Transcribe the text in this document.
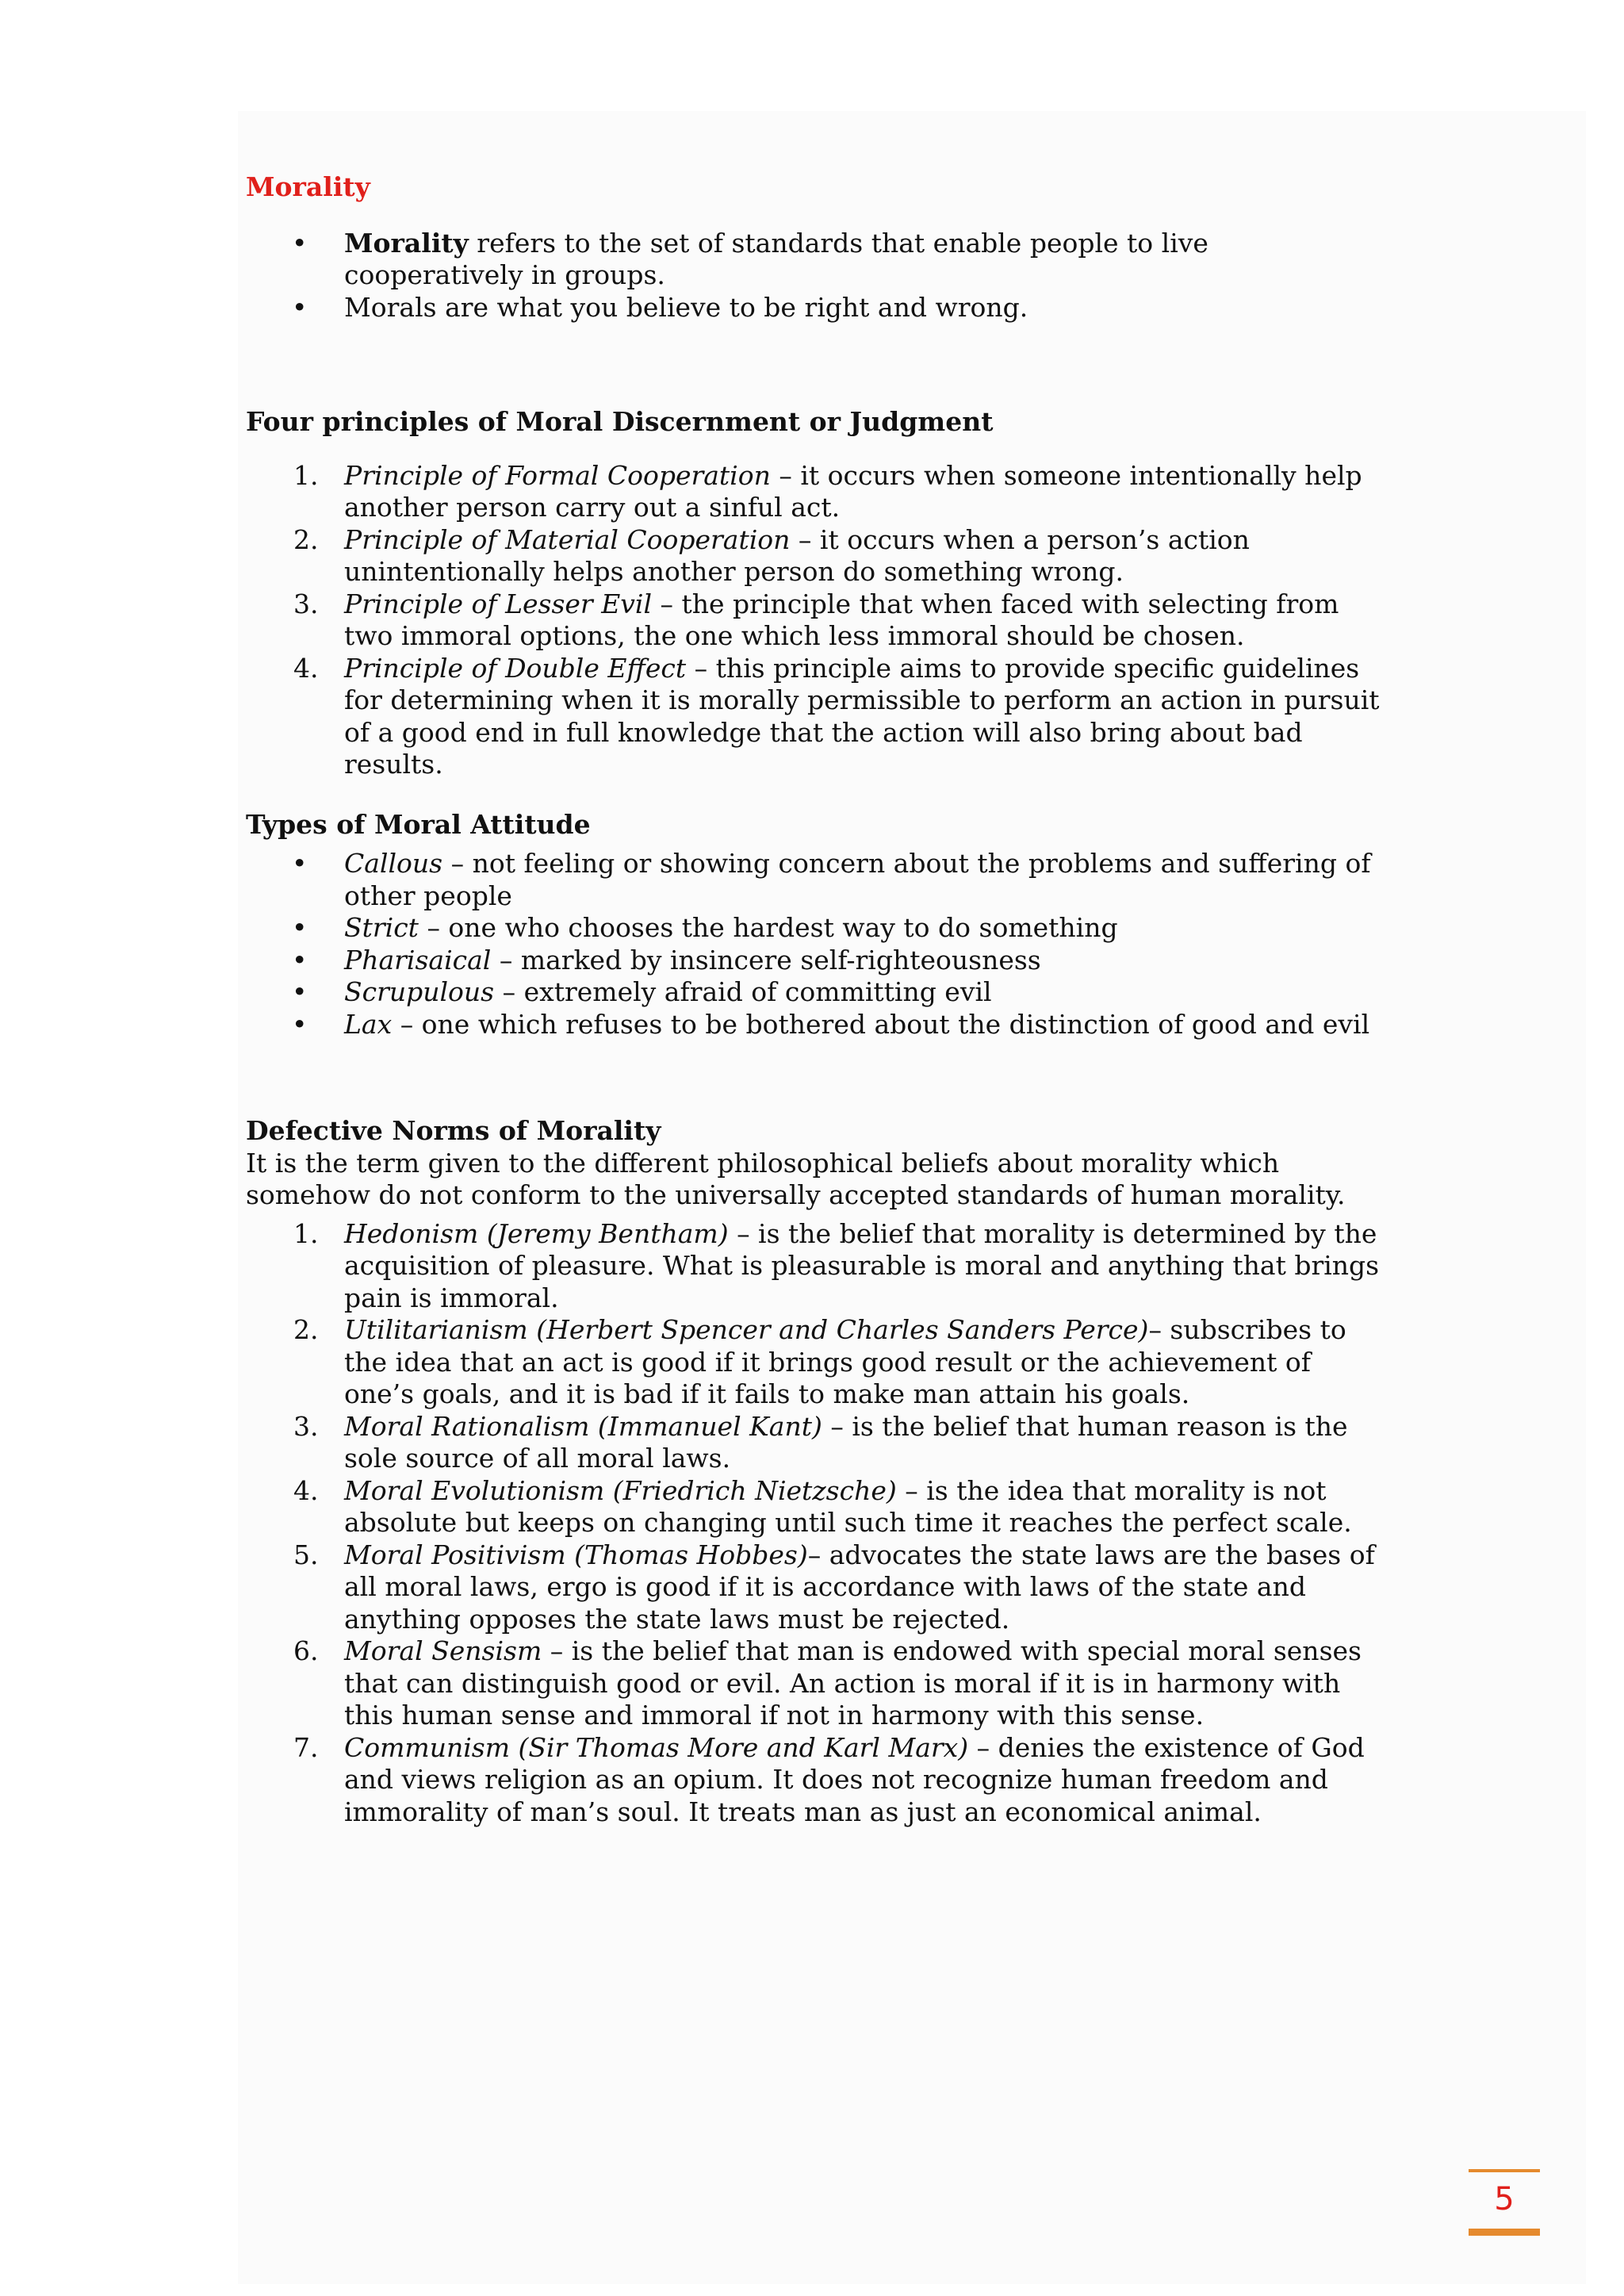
Morality
• Morality refers to the set of standards that enable people to live cooperatively in groups.
• Morals are what you believe to be right and wrong.
Four principles of Moral Discernment or Judgment
1. Principle of Formal Cooperation – it occurs when someone intentionally help another person carry out a sinful act.
2. Principle of Material Cooperation – it occurs when a person’s action unintentionally helps another person do something wrong.
3. Principle of Lesser Evil – the principle that when faced with selecting from two immoral options, the one which less immoral should be chosen.
4. Principle of Double Effect – this principle aims to provide specific guidelines for determining when it is morally permissible to perform an action in pursuit of a good end in full knowledge that the action will also bring about bad results.
Types of Moral Attitude
• Callous – not feeling or showing concern about the problems and suffering of other people
• Strict – one who chooses the hardest way to do something
• Pharisaical – marked by insincere self-righteousness
• Scrupulous – extremely afraid of committing evil
• Lax – one which refuses to be bothered about the distinction of good and evil
Defective Norms of Morality

It is the term given to the different philosophical beliefs about morality which somehow do not conform to the universally accepted standards of human morality.

1. Hedonism (Jeremy Bentham) – is the belief that morality is determined by the acquisition of pleasure. What is pleasurable is moral and anything that brings pain is immoral.
2. Utilitarianism (Herbert Spencer and Charles Sanders Perce)– subscribes to the idea that an act is good if it brings good result or the achievement of one’s goals, and it is bad if it fails to make man attain his goals.
3. Moral Rationalism (Immanuel Kant) – is the belief that human reason is the sole source of all moral laws.
4. Moral Evolutionism (Friedrich Nietzsche) – is the idea that morality is not absolute but keeps on changing until such time it reaches the perfect scale.
5. Moral Positivism (Thomas Hobbes)– advocates the state laws are the bases of all moral laws, ergo is good if it is accordance with laws of the state and anything opposes the state laws must be rejected.
6. Moral Sensism – is the belief that man is endowed with special moral senses that can distinguish good or evil. An action is moral if it is in harmony with this human sense and immoral if not in harmony with this sense.
7. Communism (Sir Thomas More and Karl Marx) – denies the existence of God and views religion as an opium. It does not recognize human freedom and immorality of man’s soul. It treats man as just an economical animal.
5
